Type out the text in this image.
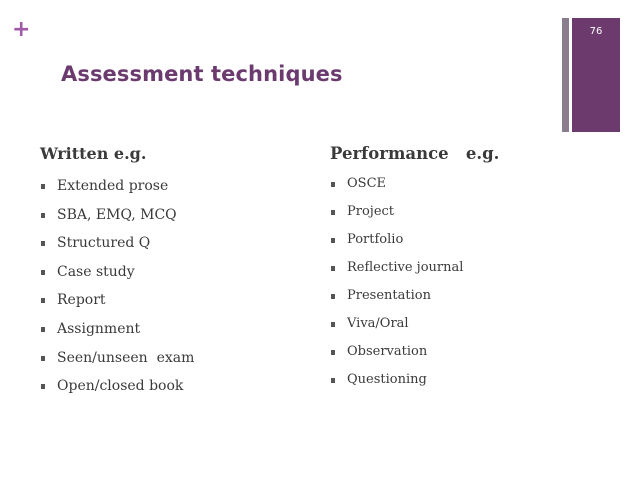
+
Assessment techniques
76
Written e.g.
Extended prose
SBA, EMQ, MCQ
Structured Q
Case study
Report
Assignment
Seen/unseen  exam
Open/closed book
Performance   e.g.
OSCE
Project
Portfolio
Reflective journal
Presentation
Viva/Oral
Observation
Questioning
